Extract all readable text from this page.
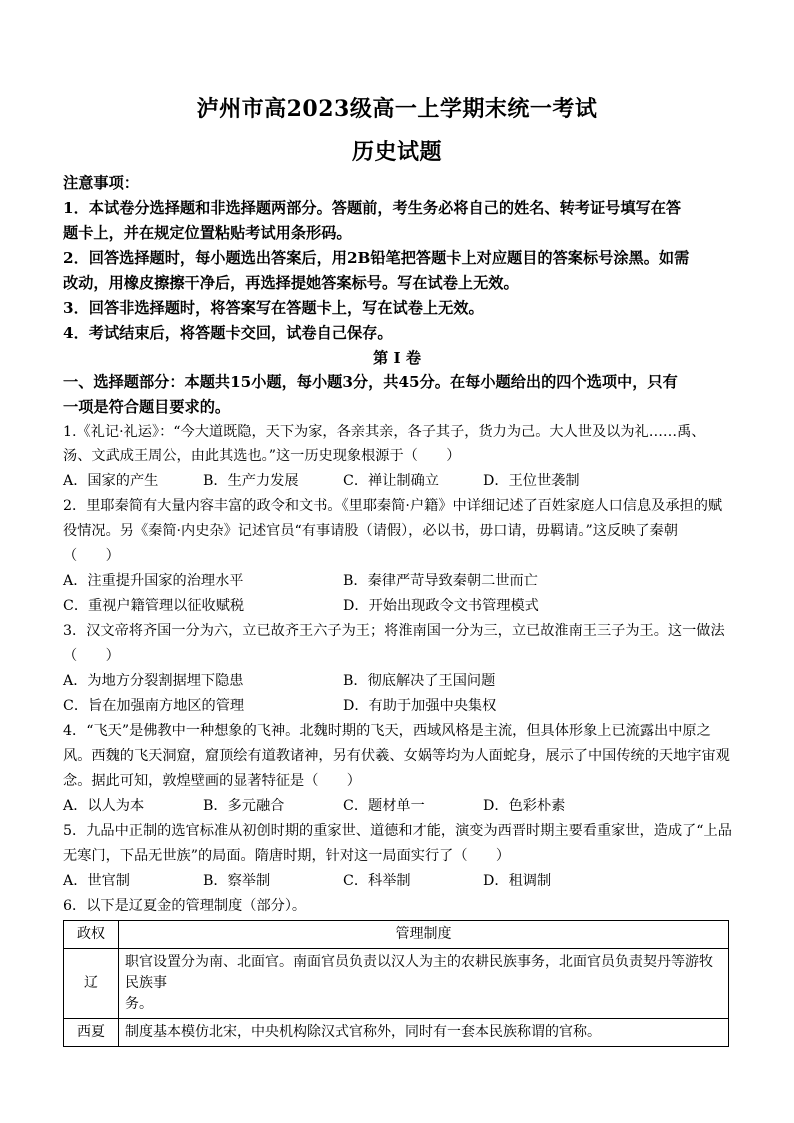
泸州市高2023级高一上学期末统一考试
历史试题
注意事项：
1．本试卷分选择题和非选择题两部分。答题前，考生务必将自己的姓名、转考证号填写在答
题卡上，并在规定位置粘贴考试用条形码。
2．回答选择题时，每小题选出答案后，用2B铅笔把答题卡上对应题目的答案标号涂黑。如需
改动，用橡皮擦擦干净后，再选择提她答案标号。写在试卷上无效。
3．回答非选择题时，将答案写在答题卡上，写在试卷上无效。
4．考试结束后，将答题卡交回，试卷自己保存。
第 I 卷
一、选择题部分：本题共15小题，每小题3分，共45分。在每小题给出的四个选项中，只有
一项是符合题目要求的。
1.《礼记·礼运》：“今大道既隐，天下为家，各亲其亲，各子其子，货力为己。大人世及以为礼……禹、
汤、文武成王周公，由此其选也。”这一历史现象根源于（　　）
A．国家的产生	B．生产力发展	C．禅让制确立	D．王位世袭制
2．里耶秦简有大量内容丰富的政令和文书。《里耶秦简·户籍》中详细记述了百姓家庭人口信息及承担的赋
役情况。另《秦简·内史杂》记述官员“有事请股（请假），必以书，毋口请，毋羁请。”这反映了秦朝
（　　）
A．注重提升国家的治理水平	B．秦律严苛导致秦朝二世而亡
C．重视户籍管理以征收赋税	D．开始出现政令文书管理模式
3．汉文帝将齐国一分为六，立已故齐王六子为王；将淮南国一分为三，立已故淮南王三子为王。这一做法
（　　）
A．为地方分裂割据埋下隐患	B．彻底解决了王国问题
C．旨在加强南方地区的管理	D．有助于加强中央集权
4．“飞天”是佛教中一种想象的飞神。北魏时期的飞天，西域风格是主流，但具体形象上已流露出中原之
风。西魏的飞天洞窟，窟顶绘有道教诸神，另有伏羲、女娲等均为人面蛇身，展示了中国传统的天地宇宙观
念。据此可知，敦煌壁画的显著特征是（　　）
A．以人为本	B．多元融合	C．题材单一	D．色彩朴素
5．九品中正制的选官标准从初创时期的重家世、道德和才能，演变为西晋时期主要看重家世，造成了“上品
无寒门，下品无世族”的局面。隋唐时期，针对这一局面实行了（　　）
A．世官制	B．察举制	C．科举制	D．租调制
6．以下是辽夏金的管理制度（部分）。
政权	管理制度
辽	职官设置分为南、北面官。南面官员负责以汉人为主的农耕民族事务，北面官员负责契丹等游牧民族事
务。

西夏	制度基本模仿北宋，中央机构除汉式官称外，同时有一套本民族称谓的官称。
